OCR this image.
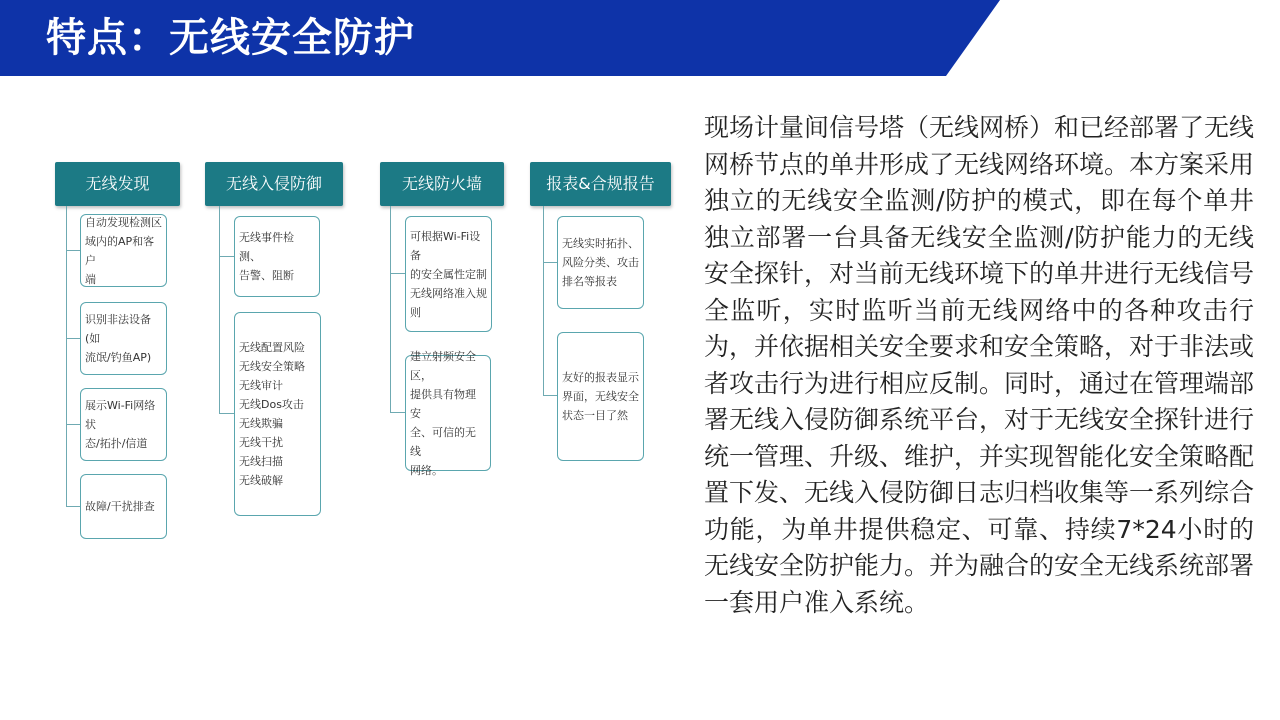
特点：无线安全防护
无线发现
自动发现检测区
域内的AP和客户
端
识别非法设备(如
流氓/钓鱼AP)
展示Wi-Fi网络状
态/拓扑/信道
故障/干扰排查
无线入侵防御
无线事件检测、
告警、阻断
无线配置风险
无线安全策略
无线审计
无线Dos攻击
无线欺骗
无线干扰
无线扫描
无线破解
无线防火墙
可根据Wi-Fi设备
的安全属性定制
无线网络准入规
则
建立射频安全区，
提供具有物理安
全、可信的无线
网络。
报表&合规报告
无线实时拓扑、
风险分类、攻击
排名等报表
友好的报表显示
界面，无线安全
状态一目了然
现场计量间信号塔（无线网桥）和已经部署了无线网桥节点的单井形成了无线网络环境。本方案采用独立的无线安全监测/防护的模式，即在每个单井独立部署一台具备无线安全监测/防护能力的无线安全探针，对当前无线环境下的单井进行无线信号全监听，实时监听当前无线网络中的各种攻击行为，并依据相关安全要求和安全策略，对于非法或者攻击行为进行相应反制。同时，通过在管理端部署无线入侵防御系统平台，对于无线安全探针进行统一管理、升级、维护，并实现智能化安全策略配置下发、无线入侵防御日志归档收集等一系列综合功能，为单井提供稳定、可靠、持续7*24小时的无线安全防护能力。并为融合的安全无线系统部署一套用户准入系统。
